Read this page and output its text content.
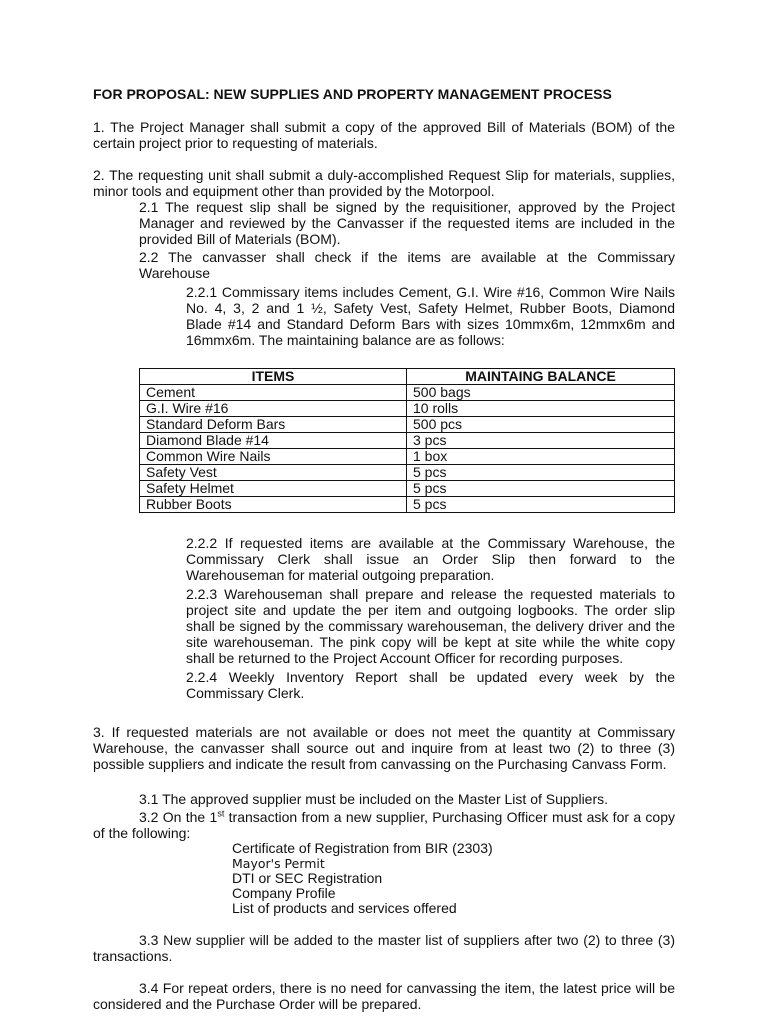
FOR PROPOSAL: NEW SUPPLIES AND PROPERTY MANAGEMENT PROCESS

1. The Project Manager shall submit a copy of the approved Bill of Materials (BOM) of the certain project prior to requesting of materials.

2. The requesting unit shall submit a duly-accomplished Request Slip for materials, supplies, minor tools and equipment other than provided by the Motorpool.

2.1 The request slip shall be signed by the requisitioner, approved by the Project Manager and reviewed by the Canvasser if the requested items are included in the provided Bill of Materials (BOM).

2.2 The canvasser shall check if the items are available at the Commissary Warehouse

2.2.1 Commissary items includes Cement, G.I. Wire #16, Common Wire Nails No. 4, 3, 2 and 1 ½, Safety Vest, Safety Helmet, Rubber Boots, Diamond Blade #14 and Standard Deform Bars with sizes 10mmx6m, 12mmx6m and 16mmx6m. The maintaining balance are as follows:

ITEMS	MAINTAING BALANCE
Cement	500 bags
G.I. Wire #16	10 rolls
Standard Deform Bars	500 pcs
Diamond Blade #14	3 pcs
Common Wire Nails	1 box
Safety Vest	5 pcs
Safety Helmet	5 pcs
Rubber Boots	5 pcs

2.2.2 If requested items are available at the Commissary Warehouse, the Commissary Clerk shall issue an Order Slip then forward to the Warehouseman for material outgoing preparation.

2.2.3 Warehouseman shall prepare and release the requested materials to project site and update the per item and outgoing logbooks. The order slip shall be signed by the commissary warehouseman, the delivery driver and the site warehouseman. The pink copy will be kept at site while the white copy shall be returned to the Project Account Officer for recording purposes.

2.2.4 Weekly Inventory Report shall be updated every week by the Commissary Clerk.

3. If requested materials are not available or does not meet the quantity at Commissary Warehouse, the canvasser shall source out and inquire from at least two (2) to three (3) possible suppliers and indicate the result from canvassing on the Purchasing Canvass Form.

3.1 The approved supplier must be included on the Master List of Suppliers.

3.2 On the 1st transaction from a new supplier, Purchasing Officer must ask for a copy of the following:

Certificate of Registration from BIR (2303)
Mayor's Permit
DTI or SEC Registration
Company Profile
List of products and services offered

3.3 New supplier will be added to the master list of suppliers after two (2) to three (3) transactions.

3.4 For repeat orders, there is no need for canvassing the item, the latest price will be considered and the Purchase Order will be prepared.
